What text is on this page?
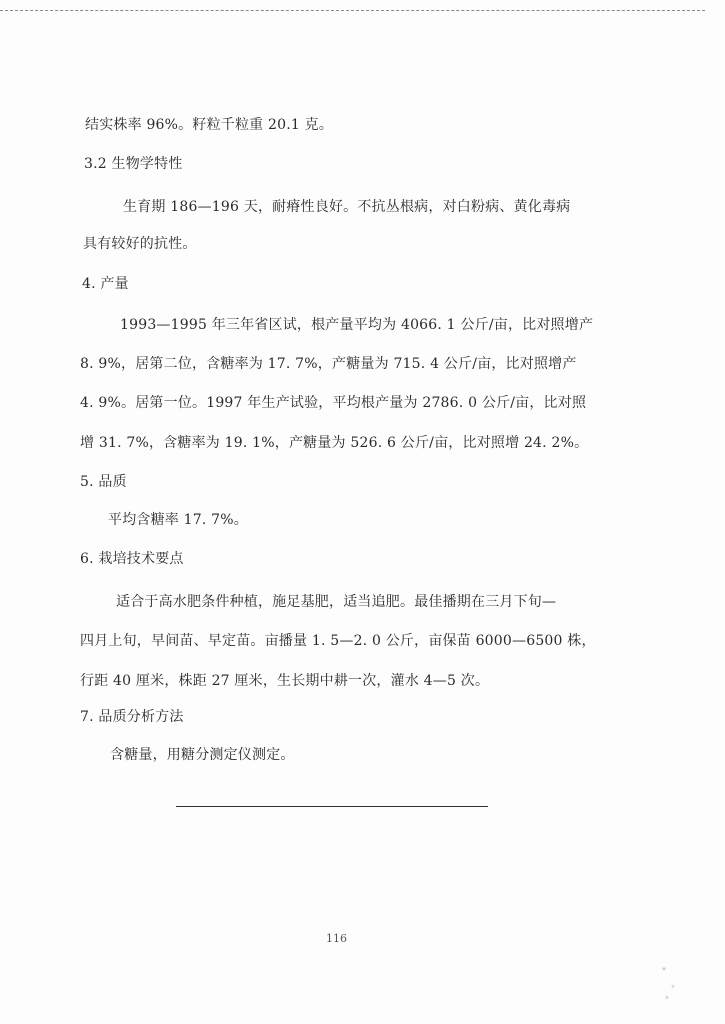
结实株率 96%。籽粒千粒重 20.1 克。
3.2 生物学特性
生育期 186—196 天，耐瘠性良好。不抗丛根病，对白粉病、黄化毒病
具有较好的抗性。
4. 产量
1993—1995 年三年省区试，根产量平均为 4066. 1 公斤/亩，比对照增产
8. 9%，居第二位，含糖率为 17. 7%，产糖量为 715. 4 公斤/亩，比对照增产
4. 9%。居第一位。1997 年生产试验，平均根产量为 2786. 0 公斤/亩，比对照
增 31. 7%，含糖率为 19. 1%，产糖量为 526. 6 公斤/亩，比对照增 24. 2%。
5. 品质
平均含糖率 17. 7%。
6. 栽培技术要点
适合于高水肥条件种植，施足基肥，适当追肥。最佳播期在三月下旬—
四月上旬，早间苗、早定苗。亩播量 1. 5—2. 0 公斤，亩保苗 6000—6500 株，
行距 40 厘米，株距 27 厘米，生长期中耕一次，灌水 4—5 次。
7. 品质分析方法
含糖量，用糖分测定仪测定。
116
